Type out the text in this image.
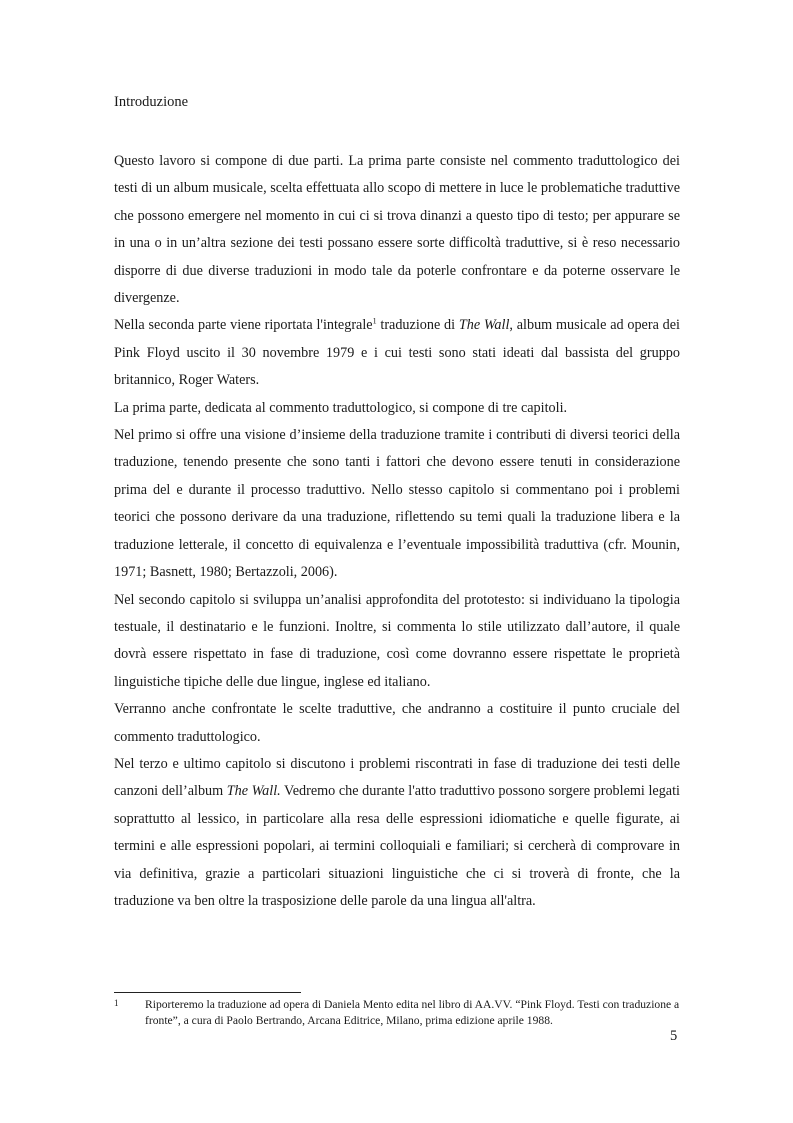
Introduzione

Questo lavoro si compone di due parti. La prima parte consiste nel commento traduttologico dei testi di un album musicale, scelta effettuata allo scopo di mettere in luce le problematiche traduttive che possono emergere nel momento in cui ci si trova dinanzi a questo tipo di testo; per appurare se in una o in un’altra sezione dei testi possano essere sorte difficoltà traduttive, si è reso necessario disporre di due diverse traduzioni in modo tale da poterle confrontare e da poterne osservare le divergenze.

Nella seconda parte viene riportata l'integrale$^1$ traduzione di The Wall, album musicale ad opera dei Pink Floyd uscito il 30 novembre 1979 e i cui testi sono stati ideati dal bassista del gruppo britannico, Roger Waters.

La prima parte, dedicata al commento traduttologico, si compone di tre capitoli.

Nel primo si offre una visione d’insieme della traduzione tramite i contributi di diversi teorici della traduzione, tenendo presente che sono tanti i fattori che devono essere tenuti in considerazione prima del e durante il processo traduttivo. Nello stesso capitolo si commentano poi i problemi teorici che possono derivare da una traduzione, riflettendo su temi quali la traduzione libera e la traduzione letterale, il concetto di equivalenza e l’eventuale impossibilità traduttiva (cfr. Mounin, 1971; Basnett, 1980; Bertazzoli, 2006).

Nel secondo capitolo si sviluppa un’analisi approfondita del prototesto: si individuano la tipologia testuale, il destinatario e le funzioni. Inoltre, si commenta lo stile utilizzato dall’autore, il quale dovrà essere rispettato in fase di traduzione, così come dovranno essere rispettate le proprietà linguistiche tipiche delle due lingue, inglese ed italiano.

Verranno anche confrontate le scelte traduttive, che andranno a costituire il punto cruciale del commento traduttologico.

Nel terzo e ultimo capitolo si discutono i problemi riscontrati in fase di traduzione dei testi delle canzoni dell’album The Wall. Vedremo che durante l'atto traduttivo possono sorgere problemi legati soprattutto al lessico, in particolare alla resa delle espressioni idiomatiche e quelle figurate, ai termini e alle espressioni popolari, ai termini colloquiali e familiari; si cercherà di comprovare in via definitiva, grazie a particolari situazioni linguistiche che ci si troverà di fronte, che la traduzione va ben oltre la trasposizione delle parole da una lingua all'altra.

1 Riporteremo la traduzione ad opera di Daniela Mento edita nel libro di AA.VV. “Pink Floyd. Testi con traduzione a fronte”, a cura di Paolo Bertrando, Arcana Editrice, Milano, prima edizione aprile 1988.
5
